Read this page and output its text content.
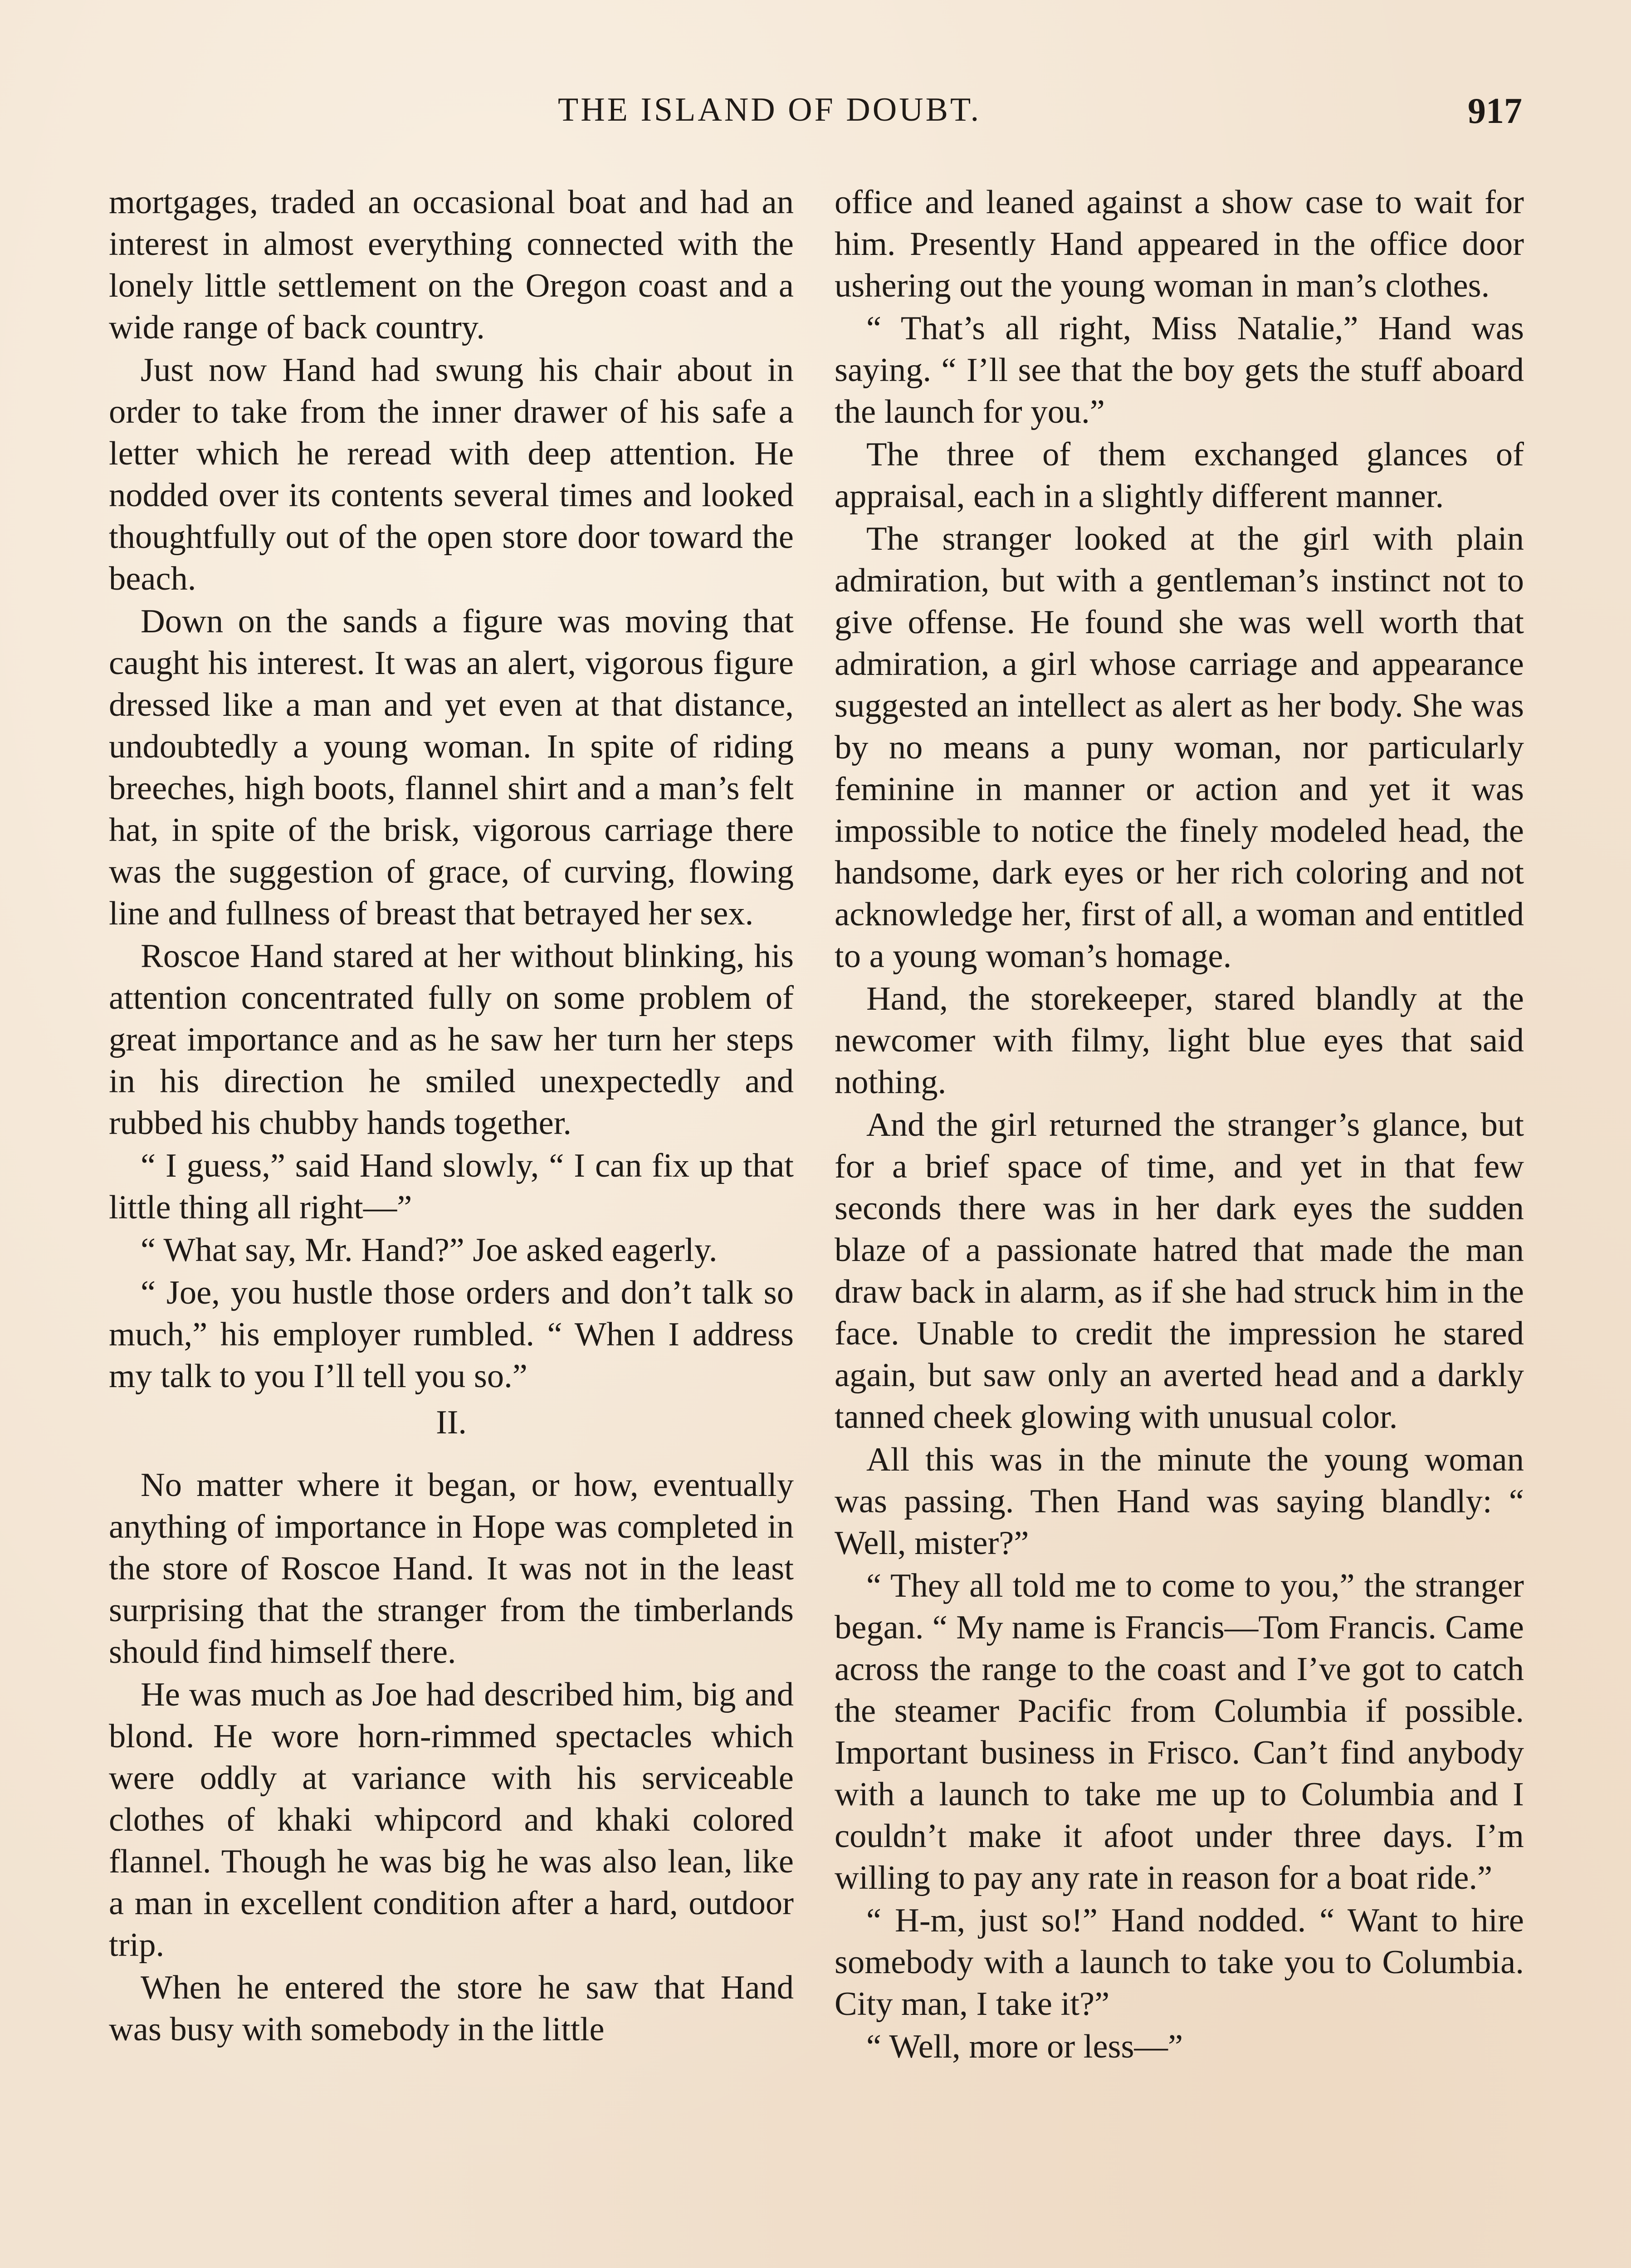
THE ISLAND OF DOUBT.	917

mortgages, traded an occasional boat and had an interest in almost everything connected with the lonely little settlement on the Oregon coast and a wide range of back country.

Just now Hand had swung his chair about in order to take from the inner drawer of his safe a letter which he reread with deep attention. He nodded over its contents several times and looked thoughtfully out of the open store door toward the beach.

Down on the sands a figure was moving that caught his interest. It was an alert, vigorous figure dressed like a man and yet even at that distance, undoubtedly a young woman. In spite of riding breeches, high boots, flannel shirt and a man’s felt hat, in spite of the brisk, vigorous carriage there was the suggestion of grace, of curving, flowing line and fullness of breast that betrayed her sex.

Roscoe Hand stared at her without blinking, his attention concentrated fully on some problem of great importance and as he saw her turn her steps in his direction he smiled unexpectedly and rubbed his chubby hands together.

“ I guess,” said Hand slowly, “ I can fix up that little thing all right—”

“ What say, Mr. Hand?” Joe asked eagerly.

“ Joe, you hustle those orders and don’t talk so much,” his employer rumbled. “ When I address my talk to you I’ll tell you so.”

II.

No matter where it began, or how, eventually anything of importance in Hope was completed in the store of Roscoe Hand. It was not in the least surprising that the stranger from the timberlands should find himself there.

He was much as Joe had described him, big and blond. He wore horn-rimmed spectacles which were oddly at variance with his serviceable clothes of khaki whipcord and khaki colored flannel. Though he was big he was also lean, like a man in excellent condition after a hard, outdoor trip.

When he entered the store he saw that Hand was busy with somebody in the little

office and leaned against a show case to wait for him. Presently Hand appeared in the office door ushering out the young woman in man’s clothes.

“ That’s all right, Miss Natalie,” Hand was saying. “ I’ll see that the boy gets the stuff aboard the launch for you.”

The three of them exchanged glances of appraisal, each in a slightly different manner.

The stranger looked at the girl with plain admiration, but with a gentleman’s instinct not to give offense. He found she was well worth that admiration, a girl whose carriage and appearance suggested an intellect as alert as her body. She was by no means a puny woman, nor particularly feminine in manner or action and yet it was impossible to notice the finely modeled head, the handsome, dark eyes or her rich coloring and not acknowledge her, first of all, a woman and entitled to a young woman’s homage.

Hand, the storekeeper, stared blandly at the newcomer with filmy, light blue eyes that said nothing.

And the girl returned the stranger’s glance, but for a brief space of time, and yet in that few seconds there was in her dark eyes the sudden blaze of a passionate hatred that made the man draw back in alarm, as if she had struck him in the face. Unable to credit the impression he stared again, but saw only an averted head and a darkly tanned cheek glowing with unusual color.

All this was in the minute the young woman was passing. Then Hand was saying blandly: “ Well, mister?”

“ They all told me to come to you,” the stranger began. “ My name is Francis—Tom Francis. Came across the range to the coast and I’ve got to catch the steamer Pacific from Columbia if possible. Important business in Frisco. Can’t find anybody with a launch to take me up to Columbia and I couldn’t make it afoot under three days. I’m willing to pay any rate in reason for a boat ride.”

“ H-m, just so!” Hand nodded. “ Want to hire somebody with a launch to take you to Columbia. City man, I take it?”

“ Well, more or less—”
